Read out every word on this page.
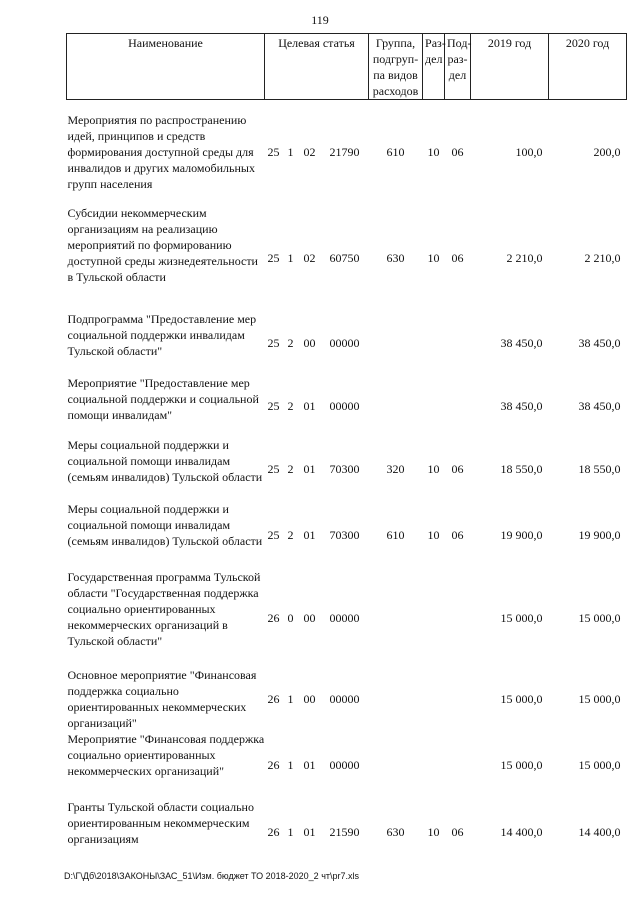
119
Наименование	Целевая статья				Группа, подгруп-па видов расходов	Раз-дел	Под-раз-дел	2019 год	2020 год
Мероприятия по распространению идей, принципов и средств формирования доступной среды для инвалидов и других маломобильных групп населения	25	1	02	21790	610	10	06	100,0	200,0
Субсидии некоммерческим организациям на реализацию мероприятий по формированию доступной среды жизнедеятельности в Тульской области	25	1	02	60750	630	10	06	2 210,0	2 210,0
Подпрограмма "Предоставление мер социальной поддержки инвалидам Тульской области"	25	2	00	00000				38 450,0	38 450,0
Мероприятие "Предоставление мер социальной поддержки и социальной помощи инвалидам"	25	2	01	00000				38 450,0	38 450,0
Меры социальной поддержки и социальной помощи инвалидам (семьям инвалидов) Тульской области	25	2	01	70300	320	10	06	18 550,0	18 550,0
Меры социальной поддержки и социальной помощи инвалидам (семьям инвалидов) Тульской области	25	2	01	70300	610	10	06	19 900,0	19 900,0
Государственная программа Тульской области "Государственная поддержка социально ориентированных некоммерческих организаций в Тульской области"	26	0	00	00000				15 000,0	15 000,0
Основное мероприятие "Финансовая поддержка социально ориентированных некоммерческих организаций"	26	1	00	00000				15 000,0	15 000,0
Мероприятие "Финансовая поддержка социально ориентированных некоммерческих организаций"	26	1	01	00000				15 000,0	15 000,0
Гранты Тульской области социально ориентированным некоммерческим организациям	26	1	01	21590	630	10	06	14 400,0	14 400,0
D:\Г\Дб\2018\ЗАКОНЫ\ЗАС_51\Изм. бюджет ТО 2018-2020_2 чт\pr7.xls
